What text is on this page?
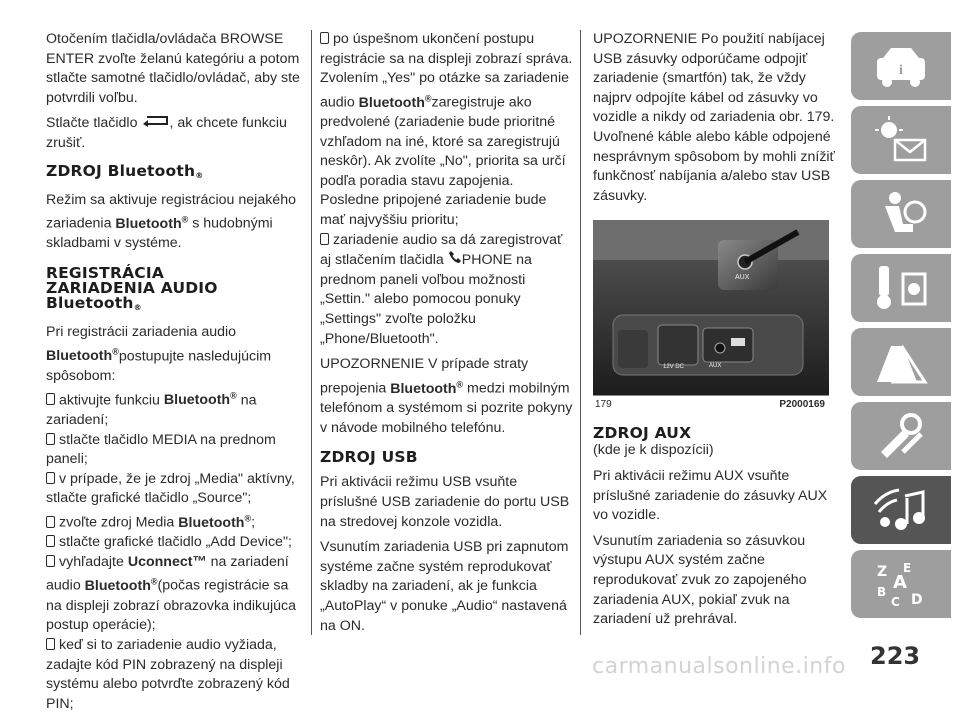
Otočením tlačidla/ovládača BROWSE ENTER zvoľte želanú kategóriu a potom stlačte samotné tlačidlo/ovládač, aby ste potvrdili voľbu.

Stlačte tlačidlo , ak chcete funkciu zrušiť.

ZDROJ Bluetooth$_®$

Režim sa aktivuje registráciou nejakého zariadenia Bluetooth® s hudobnými skladbami v systéme.

REGISTRÁCIA
ZARIADENIA AUDIO
Bluetooth$_®$

Pri registrácii zariadenia audio
Bluetooth®postupujte nasledujúcim spôsobom:

aktivujte funkciu Bluetooth® na zariadení;
stlačte tlačidlo MEDIA na prednom paneli;
v prípade, že je zdroj „Media" aktívny, stlačte grafické tlačidlo „Source";
zvoľte zdroj Media Bluetooth®;
stlačte grafické tlačidlo „Add Device";
vyhľadajte Uconnect™ na zariadení audio Bluetooth®(počas registrácie sa na displeji zobrazí obrazovka indikujúca postup operácie);
keď si to zariadenie audio vyžiada, zadajte kód PIN zobrazený na displeji systému alebo potvrďte zobrazený kód PIN;
po úspešnom ukončení postupu registrácie sa na displeji zobrazí správa.

Zvolením „Yes" po otázke sa zariadenie audio Bluetooth®zaregistruje ako predvolené (zariadenie bude prioritné vzhľadom na iné, ktoré sa zaregistrujú neskôr). Ak zvolíte „No", priorita sa určí podľa poradia stavu zapojenia. Posledne pripojené zariadenie bude mať najvyššiu prioritu;

zariadenie audio sa dá zaregistrovať aj stlačením tlačidla PHONE na prednom paneli voľbou možnosti „Settin." alebo pomocou ponuky „Settings" zvoľte položku „Phone/Bluetooth".

UPOZORNENIE V prípade straty prepojenia Bluetooth® medzi mobilným telefónom a systémom si pozrite pokyny v návode mobilného telefónu.

ZDROJ USB

Pri aktivácii režimu USB vsuňte príslušné USB zariadenie do portu USB na stredovej konzole vozidla.

Vsunutím zariadenia USB pri zapnutom systéme začne systém reprodukovať skladby na zariadení, ak je funkcia „AutoPlay“ v ponuke „Audio“ nastavená na ON.

UPOZORNENIE Po použití nabíjacej USB zásuvky odporúčame odpojiť zariadenie (smartfón) tak, že vždy najprv odpojíte kábel od zásuvky vo vozidle a nikdy od zariadenia obr. 179. Uvoľnené káble alebo káble odpojené nesprávnym spôsobom by mohli znížiť funkčnosť nabíjania a/alebo stav USB zásuvky.

AUX
12V DC	AUX
179	P2000169
ZDROJ AUX

(kde je k dispozícii)

Pri aktivácii režimu AUX vsuňte príslušné zariadenie do zásuvky AUX vo vozidle.

Vsunutím zariadenia so zásuvkou výstupu AUX systém začne reprodukovať zvuk zo zapojeného zariadenia AUX, pokiaľ zvuk na zariadení už prehrával.

i
!
Z E
B A
C D
223
carmanualsonline.info
